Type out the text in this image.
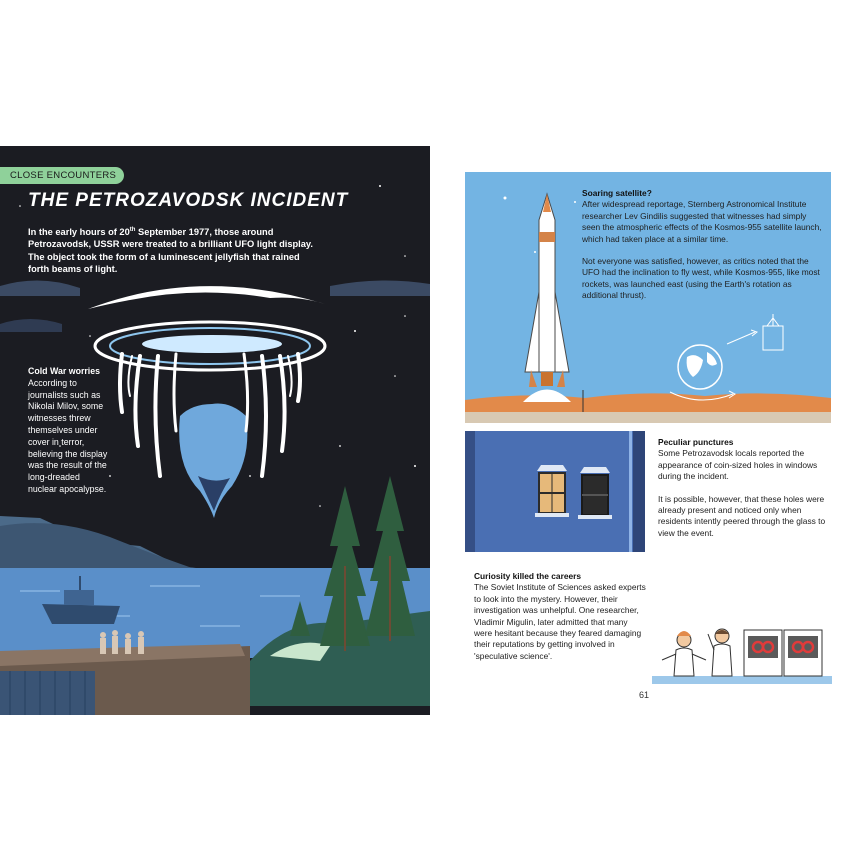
CLOSE ENCOUNTERS
THE PETROZAVODSK INCIDENT

In the early hours of 20th September 1977, those around Petrozavodsk, USSR were treated to a brilliant UFO light display. The object took the form of a luminescent jellyfish that rained forth beams of light.

Cold War worries
According to journalists such as Nikolai Milov, some witnesses threw themselves under cover in terror, believing the display was the result of the long-dreaded nuclear apocalypse.

Soaring satellite?

After widespread reportage, Sternberg Astronomical Institute researcher Lev Gindilis suggested that witnesses had simply seen the atmospheric effects of the Kosmos-955 satellite launch, which had taken place at a similar time.

Not everyone was satisfied, however, as critics noted that the UFO had the inclination to fly west, while Kosmos-955, like most rockets, was launched east (using the Earth's rotation as additional thrust).

Peculiar punctures

Some Petrozavodsk locals reported the appearance of coin-sized holes in windows during the incident.

It is possible, however, that these holes were already present and noticed only when residents intently peered through the glass to view the event.

Curiosity killed the careers

The Soviet Institute of Sciences asked experts to look into the mystery. However, their investigation was unhelpful. One researcher, Vladimir Migulin, later admitted that many were hesitant because they feared damaging their reputations by getting involved in 'speculative science'.

61
